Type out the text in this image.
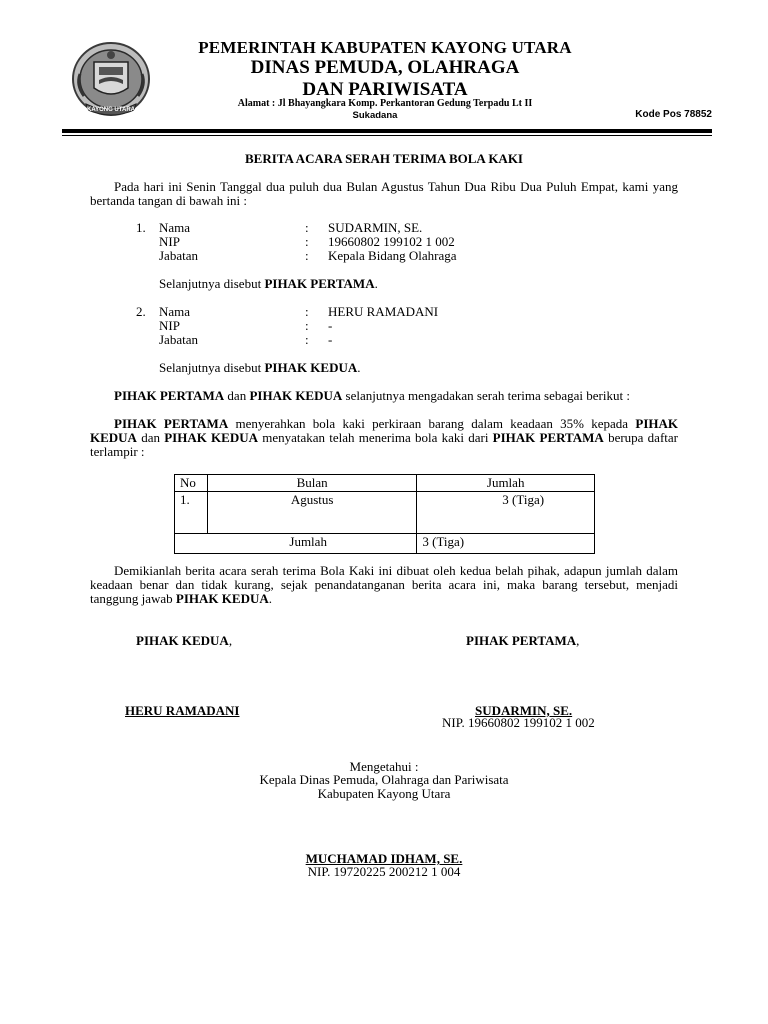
KAYONG UTARA
PEMERINTAH KABUPATEN KAYONG UTARA
DINAS PEMUDA, OLAHRAGA
DAN PARIWISATA
Alamat : Jl Bhayangkara Komp. Perkantoran Gedung Terpadu Lt II
Sukadana	Kode Pos 78852
BERITA ACARA SERAH TERIMA BOLA KAKI
Pada hari ini Senin Tanggal dua puluh dua Bulan Agustus Tahun Dua Ribu Dua Puluh Empat, kami yang bertanda tangan di bawah ini :
1. Nama	: SUDARMIN, SE.
NIP	: 19660802 199102 1 002
Jabatan	: Kepala Bidang Olahraga
Selanjutnya disebut PIHAK PERTAMA.
2. Nama	: HERU RAMADANI
NIP	: -
Jabatan	: -
Selanjutnya disebut PIHAK KEDUA.
PIHAK PERTAMA dan PIHAK KEDUA selanjutnya mengadakan serah terima sebagai berikut :
PIHAK PERTAMA menyerahkan bola kaki perkiraan barang dalam keadaan 35% kepada PIHAK KEDUA dan PIHAK KEDUA menyatakan telah menerima bola kaki dari PIHAK PERTAMA berupa daftar terlampir :
No	Bulan	Jumlah
1.	Agustus	3 (Tiga)
Jumlah		3 (Tiga)
Demikianlah berita acara serah terima Bola Kaki ini dibuat oleh kedua belah pihak, adapun jumlah dalam keadaan benar dan tidak kurang, sejak penandatanganan berita acara ini, maka barang tersebut, menjadi tanggung jawab PIHAK KEDUA.
PIHAK KEDUA,	PIHAK PERTAMA,
HERU RAMADANI	SUDARMIN, SE.
NIP. 19660802 199102 1 002
Mengetahui :
Kepala Dinas Pemuda, Olahraga dan Pariwisata
Kabupaten Kayong Utara
MUCHAMAD IDHAM, SE.
NIP. 19720225 200212 1 004
